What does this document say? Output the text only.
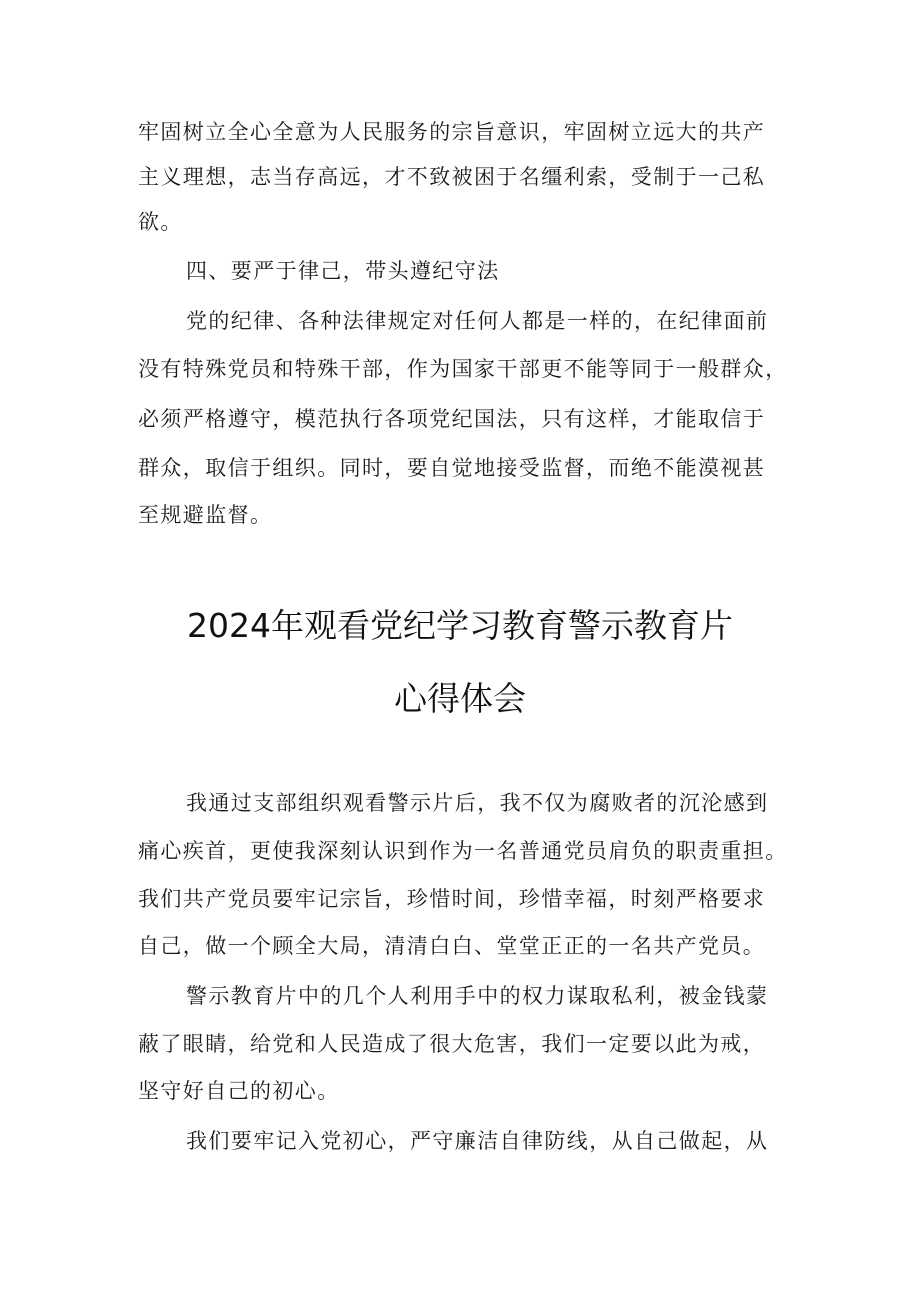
牢固树立全心全意为人民服务的宗旨意识，牢固树立远大的共产
主义理想，志当存高远，才不致被困于名缰利索，受制于一己私
欲。
四、要严于律己，带头遵纪守法
党的纪律、各种法律规定对任何人都是一样的，在纪律面前
没有特殊党员和特殊干部，作为国家干部更不能等同于一般群众，
必须严格遵守，模范执行各项党纪国法，只有这样，才能取信于
群众，取信于组织。同时，要自觉地接受监督，而绝不能漠视甚
至规避监督。
2024年观看党纪学习教育警示教育片
心得体会
我通过支部组织观看警示片后，我不仅为腐败者的沉沦感到
痛心疾首，更使我深刻认识到作为一名普通党员肩负的职责重担。
我们共产党员要牢记宗旨，珍惜时间，珍惜幸福，时刻严格要求
自己，做一个顾全大局，清清白白、堂堂正正的一名共产党员。
警示教育片中的几个人利用手中的权力谋取私利，被金钱蒙
蔽了眼睛，给党和人民造成了很大危害，我们一定要以此为戒，
坚守好自己的初心。
我们要牢记入党初心，严守廉洁自律防线，从自己做起，从
